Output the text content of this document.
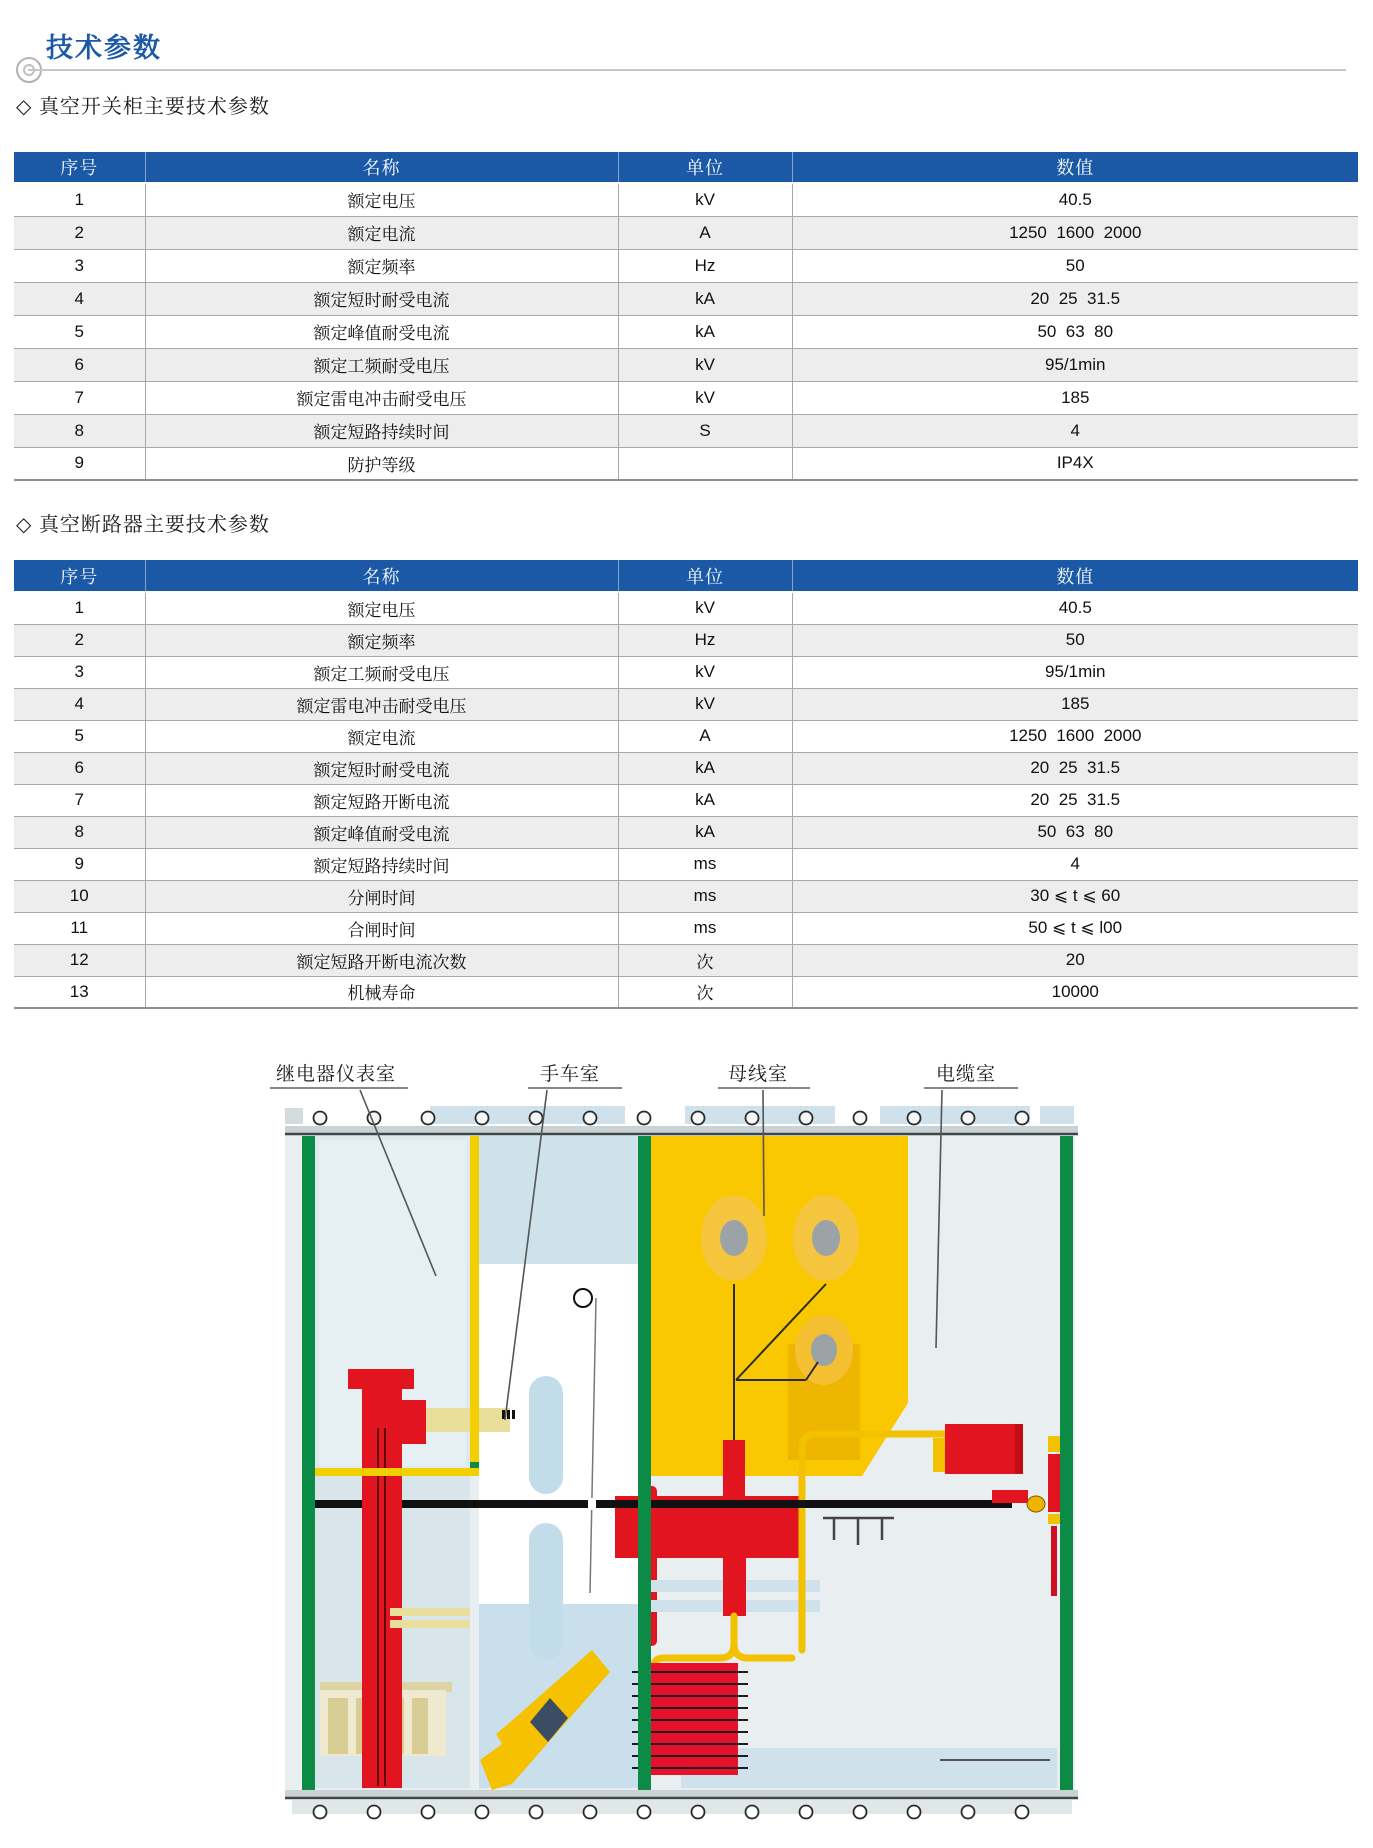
技术参数
◇ 真空开关柜主要技术参数
序号	名称	单位	数值
1	额定电压	kV	40.5
2	额定电流	A	1250  1600  2000
3	额定频率	Hz	50
4	额定短时耐受电流	kA	20  25  31.5
5	额定峰值耐受电流	kA	50  63  80
6	额定工频耐受电压	kV	95/1min
7	额定雷电冲击耐受电压	kV	185
8	额定短路持续时间	S	4
9	防护等级		IP4X
◇ 真空断路器主要技术参数
序号	名称	单位	数值
1	额定电压	kV	40.5
2	额定频率	Hz	50
3	额定工频耐受电压	kV	95/1min
4	额定雷电冲击耐受电压	kV	185
5	额定电流	A	1250  1600  2000
6	额定短时耐受电流	kA	20  25  31.5
7	额定短路开断电流	kA	20  25  31.5
8	额定峰值耐受电流	kA	50  63  80
9	额定短路持续时间	ms	4
10	分闸时间	ms	30 ⩽ t ⩽ 60
11	合闸时间	ms	50 ⩽ t ⩽ l00
12	额定短路开断电流次数	次	20
13	机械寿命	次	10000
继电器仪表室	手车室	母线室	电缆室
